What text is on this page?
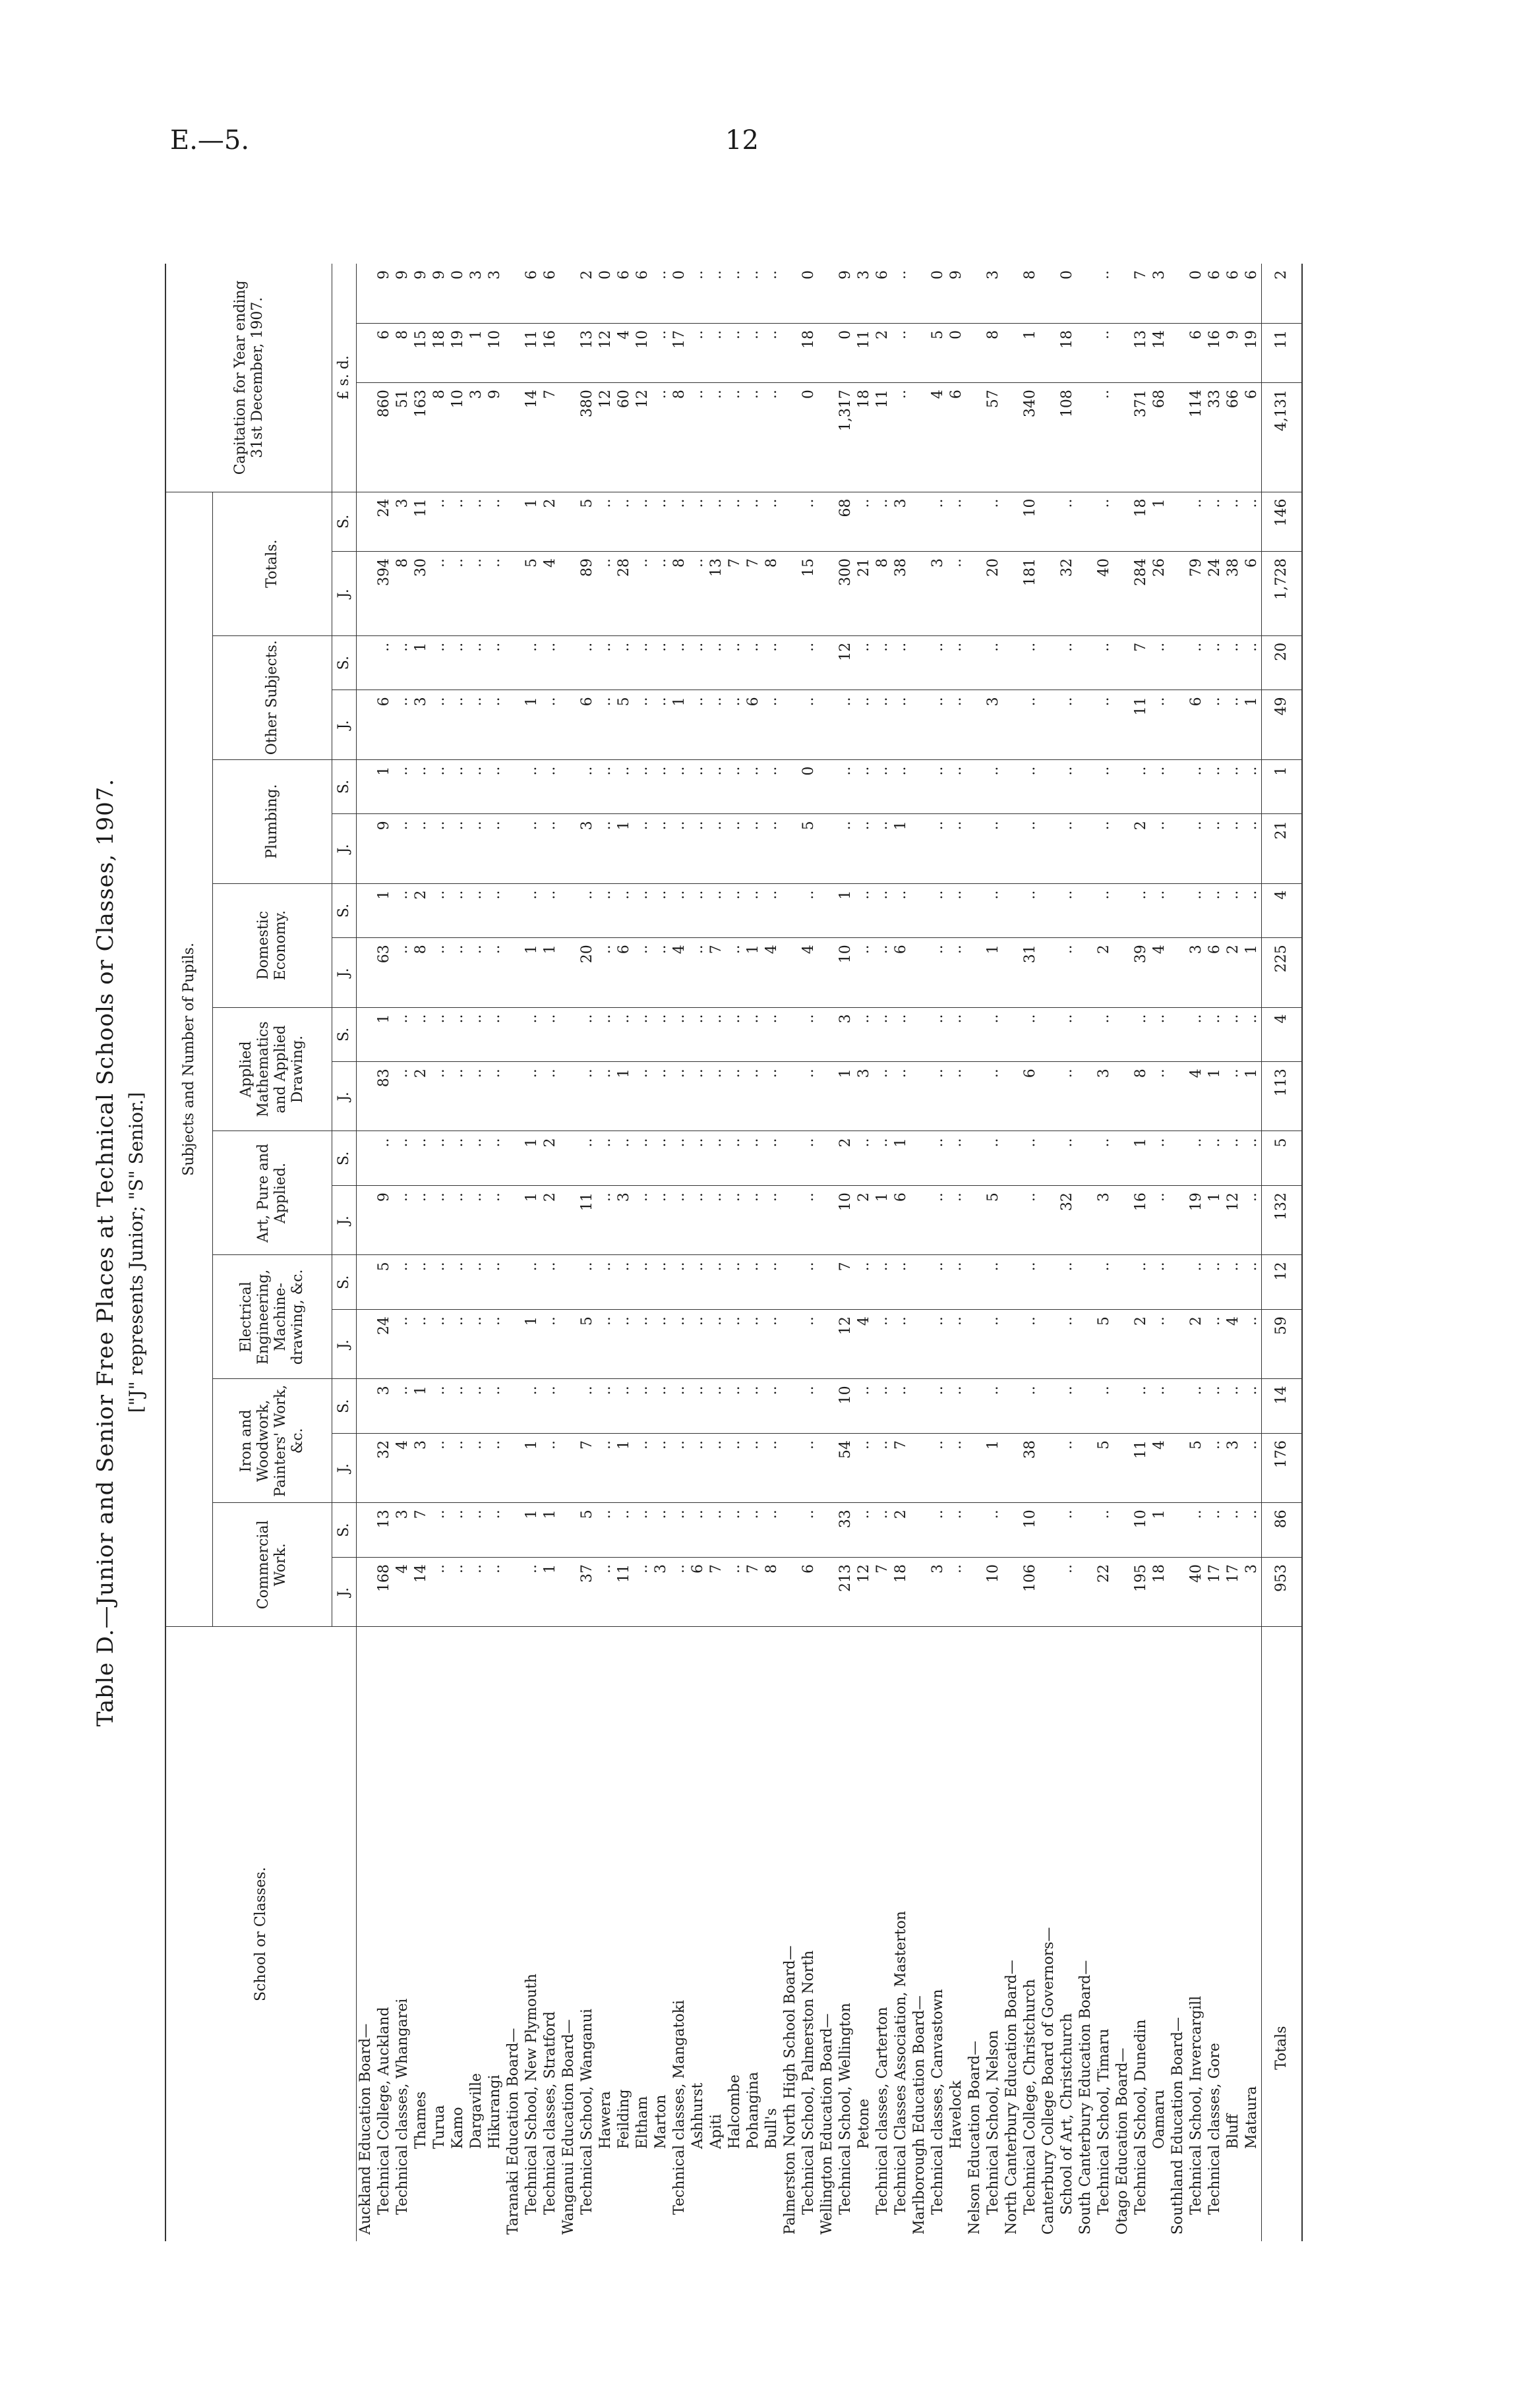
E.—5.	12
Table D.—Junior and Senior Free Places at Technical Schools or Classes, 1907. ["J" represents Junior; "S" Senior.]
School or Classes.	Subjects and Number of Pupils.																		Capitation for Year ending 31st December, 1907.		
	Commercial Work.		Iron and Woodwork, Painters' Work, &c.		Electrical Engineering, Machine-drawing, &c.		Art, Pure and Applied.		Applied Mathematics and Applied Drawing.		Domestic Economy.		Plumbing.		Other Subjects.		Totals.				
	J.	S.	J.	S.	J.	S.	J.	S.	J.	S.	J.	S.	J.	S.	J.	S.	J.	S.	£ s. d.		
Auckland Education Board—																					
Technical College, Auckland	168	13	32	3	24	5	9	..	83	1	63	1	9	1	6	..	394	24	860	6	9
Technical classes, Whangarei	4	3	4	..	..	..	..	..	..	..	..	..	..	..	..	..	8	3	51	8	9
Thames	14	7	3	1	..	..	..	..	2	..	8	2	..	..	3	1	30	11	163	15	9
Turua	..	..	..	..	..	..	..	..	..	..	..	..	..	..	..	..	..	..	8	18	9
Kamo	..	..	..	..	..	..	..	..	..	..	..	..	..	..	..	..	..	..	10	19	0
Dargaville	..	..	..	..	..	..	..	..	..	..	..	..	..	..	..	..	..	..	3	1	3
Hikurangi	..	..	..	..	..	..	..	..	..	..	..	..	..	..	..	..	..	..	9	10	3
Taranaki Education Board—																					
Technical School, New Plymouth	..	1	1	..	1	..	1	1	..	..	1	..	..	..	1	..	5	1	14	11	6
Technical classes, Stratford	1	1	..	..	..	..	2	2	..	..	1	..	..	..	..	..	4	2	7	16	6
Wanganui Education Board—																					
Technical School, Wanganui	37	5	7	..	5	..	11	..	..	..	20	..	3	..	6	..	89	5	380	13	2
Hawera	..	..	..	..	..	..	..	..	..	..	..	..	..	..	..	..	..	..	12	12	0
Feilding	11	..	1	..	..	..	3	..	1	..	6	..	1	..	5	..	28	..	60	4	6
Eltham	..	..	..	..	..	..	..	..	..	..	..	..	..	..	..	..	..	..	12	10	6
Marton	3	..	..	..	..	..	..	..	..	..	..	..	..	..	..	..	..	..	..	..	..
Technical classes, Mangatoki	..	..	..	..	..	..	..	..	..	..	4	..	..	..	1	..	8	..	8	17	0
Ashhurst	6	..	..	..	..	..	..	..	..	..	..	..	..	..	..	..	..	..	..	..	..
Apiti	7	..	..	..	..	..	..	..	..	..	7	..	..	..	..	..	13	..	..	..	..
Halcombe	..	..	..	..	..	..	..	..	..	..	..	..	..	..	..	..	7	..	..	..	..
Pohangina	7	..	..	..	..	..	..	..	..	..	1	..	..	..	6	..	7	..	..	..	..
Bull's	8	..	..	..	..	..	..	..	..	..	4	..	..	..	..	..	8	..	..	..	..
Palmerston North High School Board—																					
Technical School, Palmerston North	6	..	..	..	..	..	..	..	..	..	4	..	5	0	..	..	15	..	0	18	0
Wellington Education Board—																					
Technical School, Wellington	213	33	54	10	12	7	10	2	1	3	10	1	..	..	..	12	300	68	1,317	0	9
Petone	12	..	..	..	4	..	2	..	3	..	..	..	..	..	..	..	21	..	18	11	3
Technical classes, Carterton	7	..	..	..	..	..	1	..	..	..	..	..	..	..	..	..	8	..	11	2	6
Technical Classes Association, Masterton	18	2	7	..	..	..	6	1	..	..	6	..	1	..	..	..	38	3	..	..	..
Marlborough Education Board—																					
Technical classes, Canvastown	3	..	..	..	..	..	..	..	..	..	..	..	..	..	..	..	3	..	4	5	0
Havelock	..	..	..	..	..	..	..	..	..	..	..	..	..	..	..	..	..	..	6	0	9
Nelson Education Board—																					
Technical School, Nelson	10	..	1	..	..	..	5	..	..	..	1	..	..	..	3	..	20	..	57	8	3
North Canterbury Education Board—																					
Technical College, Christchurch	106	10	38	..	..	..	..	..	6	..	31	..	..	..	..	..	181	10	340	1	8
Canterbury College Board of Governors—																					
School of Art, Christchurch	..	..	..	..	..	..	32	..	..	..	..	..	..	..	..	..	32	..	108	18	0
South Canterbury Education Board—																					
Technical School, Timaru	22	..	5	..	5	..	3	..	3	..	2	..	..	..	..	..	40	..	..	..	..
Otago Education Board—																					
Technical School, Dunedin	195	10	11	..	2	..	16	1	8	..	39	..	2	..	11	7	284	18	371	13	7
Oamaru	18	1	4	..	..	..	..	..	..	..	4	..	..	..	..	..	26	1	68	14	3
Southland Education Board—																					
Technical School, Invercargill	40	..	5	..	2	..	19	..	4	..	3	..	..	..	6	..	79	..	114	6	0
Technical classes, Gore	17	..	..	..	..	..	1	..	1	..	6	..	..	..	..	..	24	..	33	16	6
Bluff	17	..	3	..	4	..	12	..	..	..	2	..	..	..	..	..	38	..	66	9	6
Mataura	3	..	..	..	..	..	..	..	1	..	1	..	..	..	1	..	6	..	6	19	6
Totals	953	86	176	14	59	12	132	5	113	4	225	4	21	1	49	20	1,728	146	4,131	11	2
